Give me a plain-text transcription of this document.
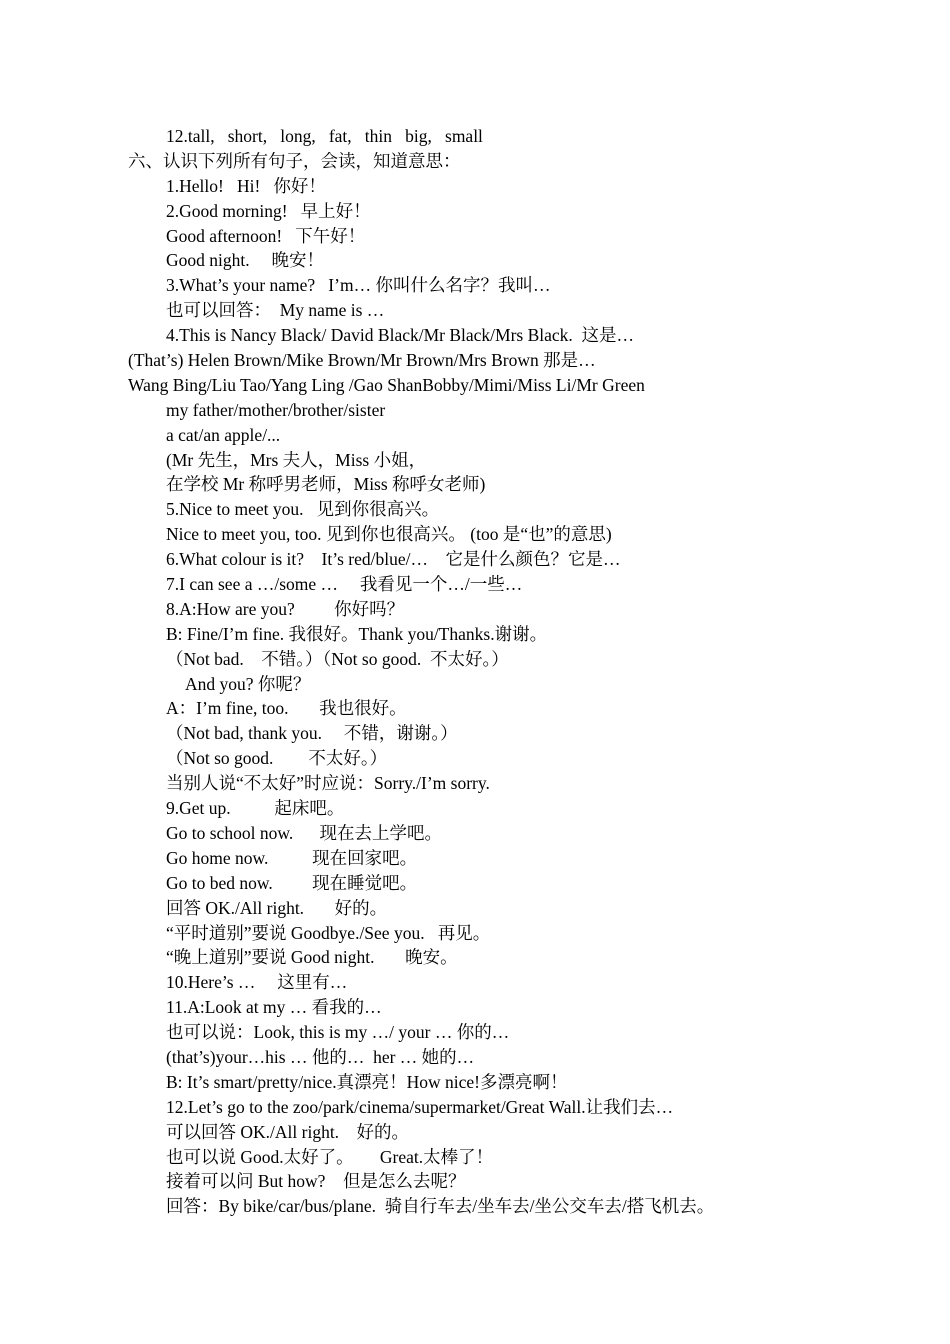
12.tall,   short,   long,   fat,   thin   big,   small

六、认识下列所有句子，会读，知道意思：

1.Hello!   Hi!   你好！

2.Good morning!   早上好！

Good afternoon!   下午好！

Good night.     晚安！

3.What’s your name?   I’m… 你叫什么名字？我叫…

也可以回答：  My name is …

4.This is Nancy Black/ David Black/Mr Black/Mrs Black.  这是…

(That’s) Helen Brown/Mike Brown/Mr Brown/Mrs Brown 那是…

Wang Bing/Liu Tao/Yang Ling /Gao ShanBobby/Mimi/Miss Li/Mr Green

my father/mother/brother/sister

a cat/an apple/...

(Mr 先生，Mrs 夫人，Miss 小姐，

在学校 Mr 称呼男老师，Miss 称呼女老师)

5.Nice to meet you.   见到你很高兴。

Nice to meet you, too. 见到你也很高兴。 (too 是“也”的意思)

6.What colour is it?    It’s red/blue/…    它是什么颜色？它是…

7.I can see a …/some …     我看见一个…/一些…

8.A:How are you?         你好吗？

B: Fine/I’m fine. 我很好。Thank you/Thanks.谢谢。

（Not bad.    不错。）（Not so good.  不太好。）

And you? 你呢？

A：I’m fine, too.       我也很好。

（Not bad, thank you.     不错，谢谢。）

（Not so good.        不太好。）

当别人说“不太好”时应说：Sorry./I’m sorry.

9.Get up.          起床吧。

Go to school now.      现在去上学吧。

Go home now.          现在回家吧。

Go to bed now.         现在睡觉吧。

回答 OK./All right.       好的。

“平时道别”要说 Goodbye./See you.   再见。

“晚上道别”要说 Good night.       晚安。

10.Here’s …     这里有…

11.A:Look at my … 看我的…

也可以说：Look, this is my …/ your … 你的…

(that’s)your…his … 他的…  her … 她的…

B: It’s smart/pretty/nice.真漂亮！How nice!多漂亮啊！

12.Let’s go to the zoo/park/cinema/supermarket/Great Wall.让我们去…

可以回答 OK./All right.    好的。

也可以说 Good.太好了。      Great.太棒了！

接着可以问 But how?    但是怎么去呢？

回答：By bike/car/bus/plane.  骑自行车去/坐车去/坐公交车去/搭飞机去。
